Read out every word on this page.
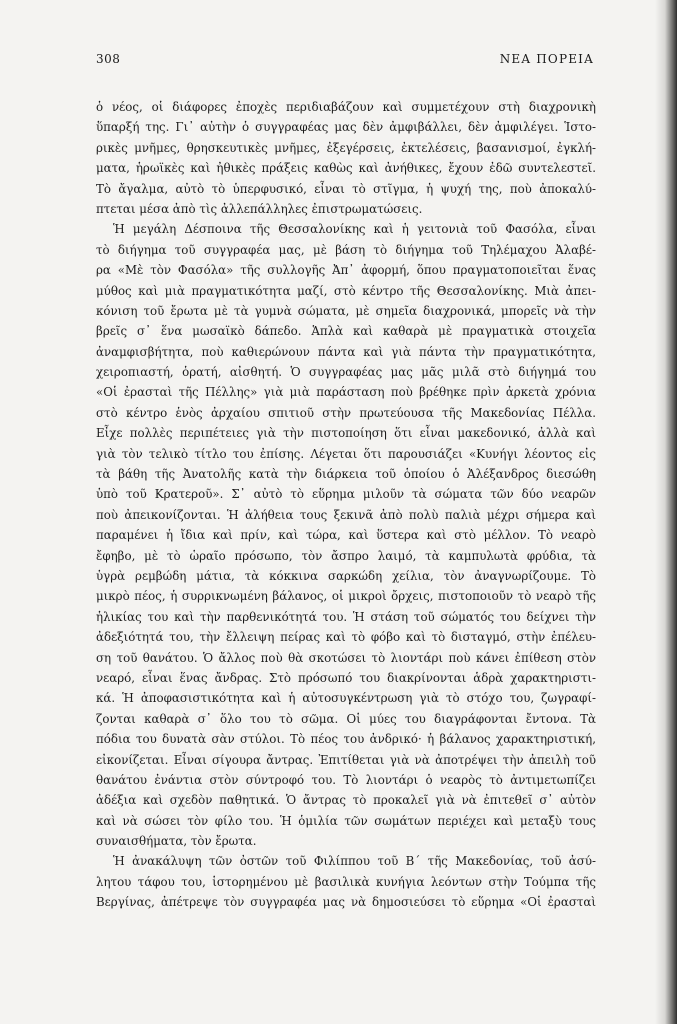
308	ΝΕΑ ΠΟΡΕΙΑ
ὁ νέος, οἱ διάφορες ἐποχὲς περιδιαβάζουν καὶ συμμετέχουν στὴ διαχρονικὴ
ὕπαρξή της. Γι᾽ αὐτὴν ὁ συγγραφέας μας δὲν ἀμφιβάλλει, δὲν ἀμφιλέγει. Ἱστο-
ρικὲς μνῆμες, θρησκευτικὲς μνῆμες, ἐξεγέρσεις, ἐκτελέσεις, βασανισμοί, ἐγκλή-
ματα, ἡρωϊκὲς καὶ ἠθικὲς πράξεις καθὼς καὶ ἀνήθικες, ἔχουν ἐδῶ συντελεστεῖ.
Τὸ ἄγαλμα, αὐτὸ τὸ ὑπερφυσικό, εἶναι τὸ στῖγμα, ἡ ψυχή της, ποὺ ἀποκαλύ-
πτεται μέσα ἀπὸ τὶς ἀλλεπάλληλες ἐπιστρωματώσεις.
Ἡ μεγάλη Δέσποινα τῆς Θεσσαλονίκης καὶ ἡ γειτονιὰ τοῦ Φασόλα, εἶναι
τὸ διήγημα τοῦ συγγραφέα μας, μὲ βάση τὸ διήγημα τοῦ Τηλέμαχου Ἀλαβέ-
ρα «Μὲ τὸν Φασόλα» τῆς συλλογῆς Ἀπ᾽ ἀφορμή, ὅπου πραγματοποιεῖται ἕνας
μύθος καὶ μιὰ πραγματικότητα μαζί, στὸ κέντρο τῆς Θεσσαλονίκης. Μιὰ ἀπει-
κόνιση τοῦ ἔρωτα μὲ τὰ γυμνὰ σώματα, μὲ σημεῖα διαχρονικά, μπορεῖς νὰ τὴν
βρεῖς σ᾽ ἕνα μωσαϊκὸ δάπεδο. Ἁπλὰ καὶ καθαρὰ μὲ πραγματικὰ στοιχεῖα
ἀναμφισβήτητα, ποὺ καθιερώνουν πάντα καὶ γιὰ πάντα τὴν πραγματικότητα,
χειροπιαστή, ὁρατή, αἰσθητή. Ὁ συγγραφέας μας μᾶς μιλᾶ στὸ διήγημά του
«Οἱ ἐρασταὶ τῆς Πέλλης» γιὰ μιὰ παράσταση ποὺ βρέθηκε πρὶν ἀρκετὰ χρόνια
στὸ κέντρο ἑνὸς ἀρχαίου σπιτιοῦ στὴν πρωτεύουσα τῆς Μακεδονίας Πέλλα.
Εἶχε πολλὲς περιπέτειες γιὰ τὴν πιστοποίηση ὅτι εἶναι μακεδονικό, ἀλλὰ καὶ
γιὰ τὸν τελικὸ τίτλο του ἐπίσης. Λέγεται ὅτι παρουσιάζει «Κυνήγι λέοντος εἰς
τὰ βάθη τῆς Ἀνατολῆς κατὰ τὴν διάρκεια τοῦ ὁποίου ὁ Ἀλέξανδρος διεσώθη
ὑπὸ τοῦ Κρατεροῦ». Σ᾽ αὐτὸ τὸ εὕρημα μιλοῦν τὰ σώματα τῶν δύο νεαρῶν
ποὺ ἀπεικονίζονται. Ἡ ἀλήθεια τους ξεκινᾶ ἀπὸ πολὺ παλιὰ μέχρι σήμερα καὶ
παραμένει ἡ ἴδια καὶ πρίν, καὶ τώρα, καὶ ὕστερα καὶ στὸ μέλλον. Τὸ νεαρὸ
ἔφηβο, μὲ τὸ ὡραῖο πρόσωπο, τὸν ἄσπρο λαιμό, τὰ καμπυλωτὰ φρύδια, τὰ
ὑγρὰ ρεμβώδη μάτια, τὰ κόκκινα σαρκώδη χείλια, τὸν ἀναγνωρίζουμε. Τὸ
μικρὸ πέος, ἡ συρρικνωμένη βάλανος, οἱ μικροὶ ὄρχεις, πιστοποιοῦν τὸ νεαρὸ τῆς
ἡλικίας του καὶ τὴν παρθενικότητά του. Ἡ στάση τοῦ σώματός του δείχνει τὴν
ἀδεξιότητά του, τὴν ἔλλειψη πείρας καὶ τὸ φόβο καὶ τὸ δισταγμό, στὴν ἐπέλευ-
ση τοῦ θανάτου. Ὁ ἄλλος ποὺ θὰ σκοτώσει τὸ λιοντάρι ποὺ κάνει ἐπίθεση στὸν
νεαρό, εἶναι ἕνας ἄνδρας. Στὸ πρόσωπό του διακρίνονται ἁδρὰ χαρακτηριστι-
κά. Ἡ ἀποφασιστικότητα καὶ ἡ αὐτοσυγκέντρωση γιὰ τὸ στόχο του, ζωγραφί-
ζονται καθαρὰ σ᾽ ὅλο του τὸ σῶμα. Οἱ μύες του διαγράφονται ἔντονα. Τὰ
πόδια του δυνατὰ σὰν στύλοι. Τὸ πέος του ἀνδρικό· ἡ βάλανος χαρακτηριστική,
εἰκονίζεται. Εἶναι σίγουρα ἄντρας. Ἐπιτίθεται γιὰ νὰ ἀποτρέψει τὴν ἀπειλὴ τοῦ
θανάτου ἐνάντια στὸν σύντροφό του. Τὸ λιοντάρι ὁ νεαρὸς τὸ ἀντιμετωπίζει
ἀδέξια καὶ σχεδὸν παθητικά. Ὁ ἄντρας τὸ προκαλεῖ γιὰ νὰ ἐπιτεθεῖ σ᾽ αὐτὸν
καὶ νὰ σώσει τὸν φίλο του. Ἡ ὁμιλία τῶν σωμάτων περιέχει καὶ μεταξὺ τους
συναισθήματα, τὸν ἔρωτα.
Ἡ ἀνακάλυψη τῶν ὀστῶν τοῦ Φιλίππου τοῦ Β´ τῆς Μακεδονίας, τοῦ ἀσύ-
λητου τάφου του, ἱστορημένου μὲ βασιλικὰ κυνήγια λεόντων στὴν Τούμπα τῆς
Βεργίνας, ἀπέτρεψε τὸν συγγραφέα μας νὰ δημοσιεύσει τὸ εὕρημα «Οἱ ἐρασταὶ
